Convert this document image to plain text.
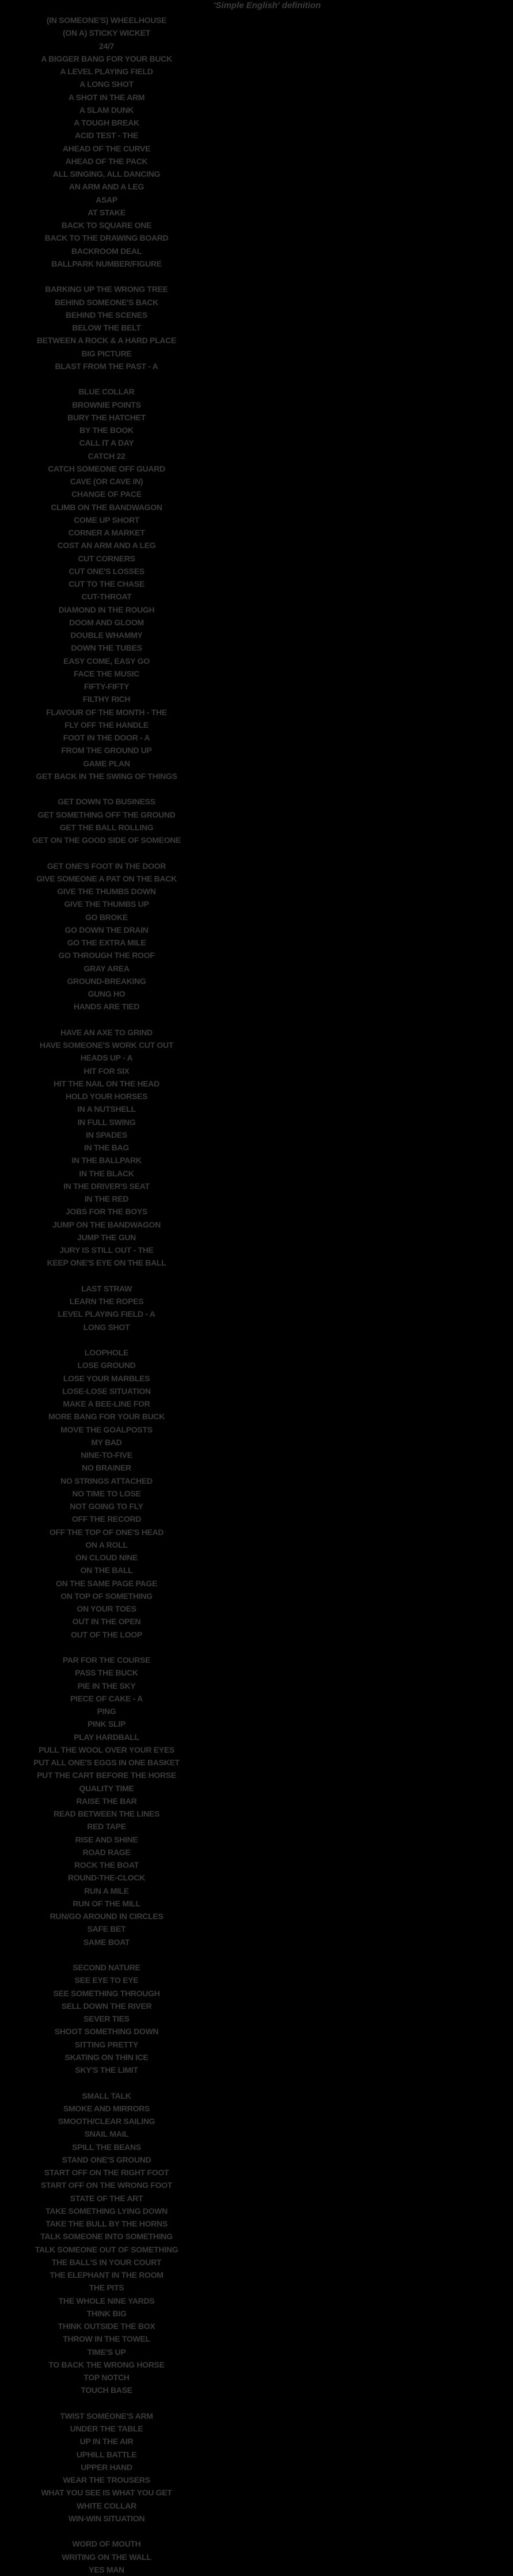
'Simple English' definition
(IN SOMEONE'S) WHEELHOUSE
(ON A) STICKY WICKET
24/7
A BIGGER BANG FOR YOUR BUCK
A LEVEL PLAYING FIELD
A LONG SHOT
A SHOT IN THE ARM
A SLAM DUNK
A TOUGH BREAK
ACID TEST - THE
AHEAD OF THE CURVE
AHEAD OF THE PACK
ALL SINGING, ALL DANCING
AN ARM AND A LEG
ASAP
AT STAKE
BACK TO SQUARE ONE
BACK TO THE DRAWING BOARD
BACKROOM DEAL
BALLPARK NUMBER/FIGURE
BARKING UP THE WRONG TREE
BEHIND SOMEONE'S BACK
BEHIND THE SCENES
BELOW THE BELT
BETWEEN A ROCK & A HARD PLACE
BIG PICTURE
BLAST FROM THE PAST - A
BLUE COLLAR
BROWNIE POINTS
BURY THE HATCHET
BY THE BOOK
CALL IT A DAY
CATCH 22
CATCH SOMEONE OFF GUARD
CAVE (OR CAVE IN)
CHANGE OF PACE
CLIMB ON THE BANDWAGON
COME UP SHORT
CORNER A MARKET
COST AN ARM AND A LEG
CUT CORNERS
CUT ONE'S LOSSES
CUT TO THE CHASE
CUT-THROAT
DIAMOND IN THE ROUGH
DOOM AND GLOOM
DOUBLE WHAMMY
DOWN THE TUBES
EASY COME, EASY GO
FACE THE MUSIC
FIFTY-FIFTY
FILTHY RICH
FLAVOUR OF THE MONTH - THE
FLY OFF THE HANDLE
FOOT IN THE DOOR - A
FROM THE GROUND UP
GAME PLAN
GET BACK IN THE SWING OF THINGS
GET DOWN TO BUSINESS
GET SOMETHING OFF THE GROUND
GET THE BALL ROLLING
GET ON THE GOOD SIDE OF SOMEONE
GET ONE'S FOOT IN THE DOOR
GIVE SOMEONE A PAT ON THE BACK
GIVE THE THUMBS DOWN
GIVE THE THUMBS UP
GO BROKE
GO DOWN THE DRAIN
GO THE EXTRA MILE
GO THROUGH THE ROOF
GRAY AREA
GROUND-BREAKING
GUNG HO
HANDS ARE TIED
HAVE AN AXE TO GRIND
HAVE SOMEONE'S WORK CUT OUT
HEADS UP - A
HIT FOR SIX
HIT THE NAIL ON THE HEAD
HOLD YOUR HORSES
IN A NUTSHELL
IN FULL SWING
IN SPADES
IN THE BAG
IN THE BALLPARK
IN THE BLACK
IN THE DRIVER'S SEAT
IN THE RED
JOBS FOR THE BOYS
JUMP ON THE BANDWAGON
JUMP THE GUN
JURY IS STILL OUT - THE
KEEP ONE'S EYE ON THE BALL
LAST STRAW
LEARN THE ROPES
LEVEL PLAYING FIELD - A
LONG SHOT
LOOPHOLE
LOSE GROUND
LOSE YOUR MARBLES
LOSE-LOSE SITUATION
MAKE A BEE-LINE FOR
MORE BANG FOR YOUR BUCK
MOVE THE GOALPOSTS
MY BAD
NINE-TO-FIVE
NO BRAINER
NO STRINGS ATTACHED
NO TIME TO LOSE
NOT GOING TO FLY
OFF THE RECORD
OFF THE TOP OF ONE'S HEAD
ON A ROLL
ON CLOUD NINE
ON THE BALL
ON THE SAME PAGE PAGE
ON TOP OF SOMETHING
ON YOUR TOES
OUT IN THE OPEN
OUT OF THE LOOP
PAR FOR THE COURSE
PASS THE BUCK
PIE IN THE SKY
PIECE OF CAKE - A
PING
PINK SLIP
PLAY HARDBALL
PULL THE WOOL OVER YOUR EYES
PUT ALL ONE'S EGGS IN ONE BASKET
PUT THE CART BEFORE THE HORSE
QUALITY TIME
RAISE THE BAR
READ BETWEEN THE LINES
RED TAPE
RISE AND SHINE
ROAD RAGE
ROCK THE BOAT
ROUND-THE-CLOCK
RUN A MILE
RUN OF THE MILL
RUN/GO AROUND IN CIRCLES
SAFE BET
SAME BOAT
SECOND NATURE
SEE EYE TO EYE
SEE SOMETHING THROUGH
SELL DOWN THE RIVER
SEVER TIES
SHOOT SOMETHING DOWN
SITTING PRETTY
SKATING ON THIN ICE
SKY'S THE LIMIT
SMALL TALK
SMOKE AND MIRRORS
SMOOTH/CLEAR SAILING
SNAIL MAIL
SPILL THE BEANS
STAND ONE'S GROUND
START OFF ON THE RIGHT FOOT
START OFF ON THE WRONG FOOT
STATE OF THE ART
TAKE SOMETHING LYING DOWN
TAKE THE BULL BY THE HORNS
TALK SOMEONE INTO SOMETHING
TALK SOMEONE OUT OF SOMETHING
THE BALL'S IN YOUR COURT
THE ELEPHANT IN THE ROOM
THE PITS
THE WHOLE NINE YARDS
THINK BIG
THINK OUTSIDE THE BOX
THROW IN THE TOWEL
TIME'S UP
TO BACK THE WRONG HORSE
TOP NOTCH
TOUCH BASE
TWIST SOMEONE'S ARM
UNDER THE TABLE
UP IN THE AIR
UPHILL BATTLE
UPPER HAND
WEAR THE TROUSERS
WHAT YOU SEE IS WHAT YOU GET
WHITE COLLAR
WIN-WIN SITUATION
WORD OF MOUTH
WRITING ON THE WALL
YES MAN
